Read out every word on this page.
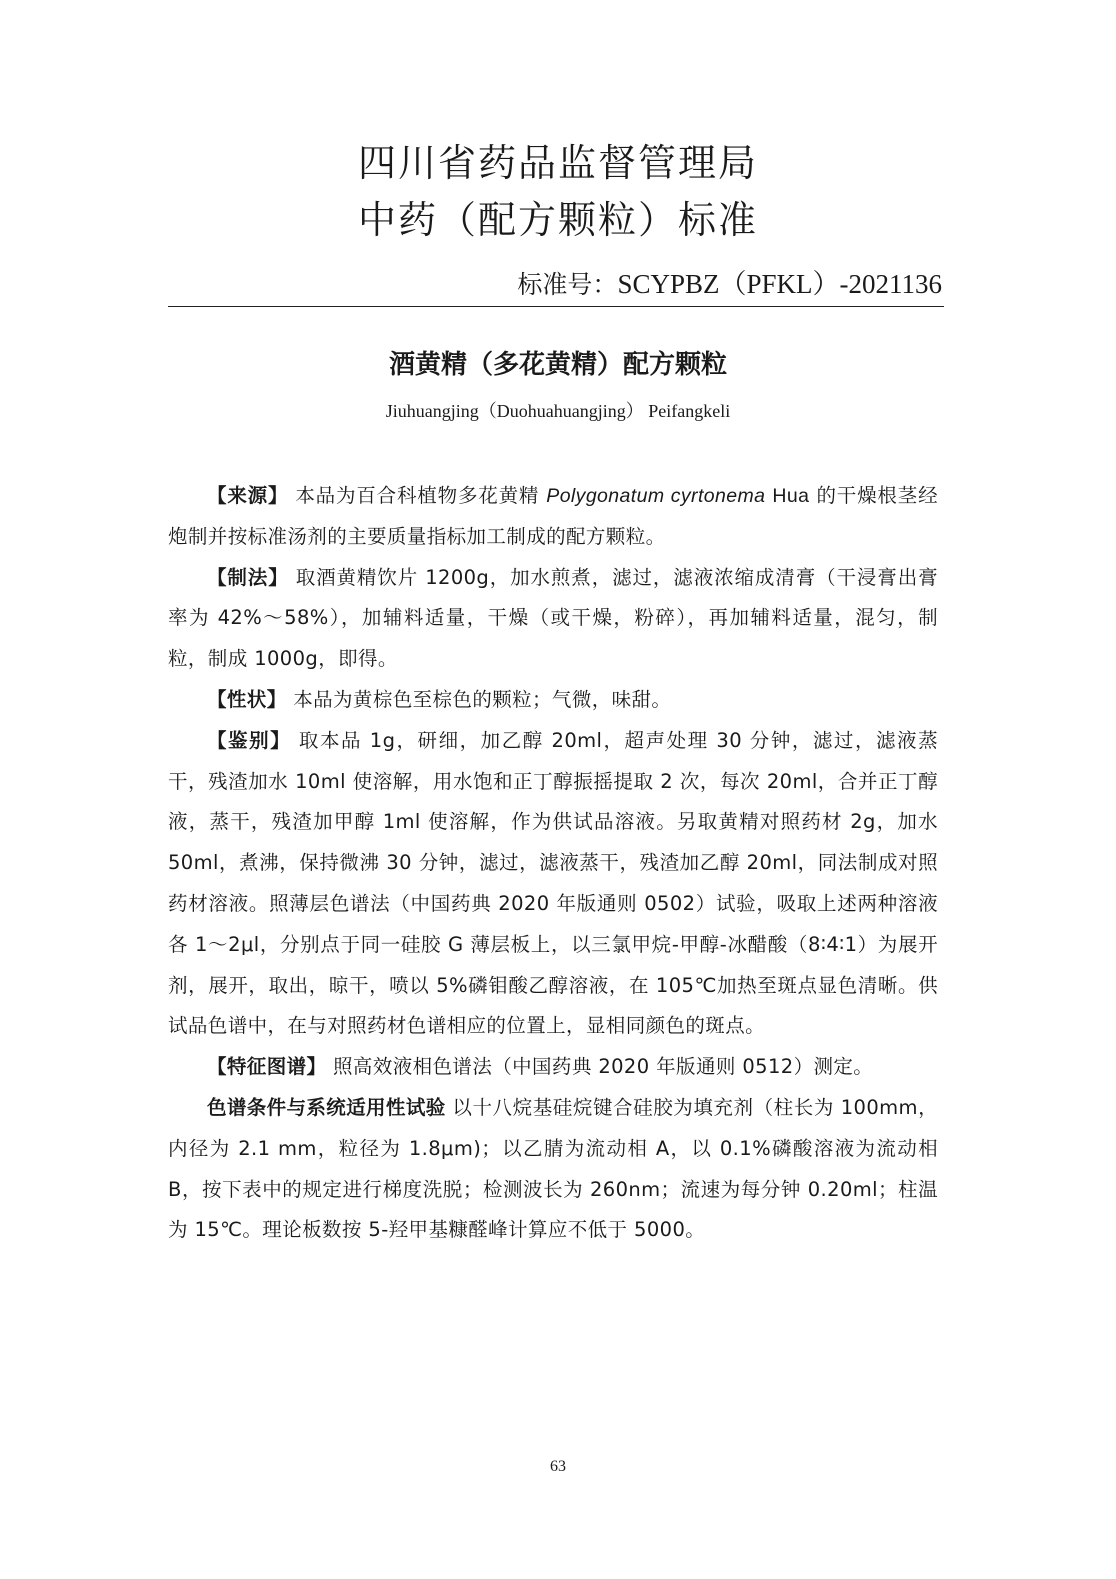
四川省药品监督管理局
中药（配方颗粒）标准
标准号：SCYPBZ（PFKL）-2021136
酒黄精（多花黄精）配方颗粒
Jiuhuangjing（Duohuahuangjing） Peifangkeli

【来源】 本品为百合科植物多花黄精 Polygonatum cyrtonema Hua 的干燥根茎经炮制并按标准汤剂的主要质量指标加工制成的配方颗粒。

【制法】 取酒黄精饮片 1200g，加水煎煮，滤过，滤液浓缩成清膏（干浸膏出膏率为 42%～58%），加辅料适量，干燥（或干燥，粉碎），再加辅料适量，混匀，制粒，制成 1000g，即得。

【性状】 本品为黄棕色至棕色的颗粒；气微，味甜。

【鉴别】 取本品 1g，研细，加乙醇 20ml，超声处理 30 分钟，滤过，滤液蒸干，残渣加水 10ml 使溶解，用水饱和正丁醇振摇提取 2 次，每次 20ml，合并正丁醇液，蒸干，残渣加甲醇 1ml 使溶解，作为供试品溶液。另取黄精对照药材 2g，加水 50ml，煮沸，保持微沸 30 分钟，滤过，滤液蒸干，残渣加乙醇 20ml，同法制成对照药材溶液。照薄层色谱法（中国药典 2020 年版通则 0502）试验，吸取上述两种溶液各 1～2μl，分别点于同一硅胶 G 薄层板上，以三氯甲烷-甲醇-冰醋酸（8∶4∶1）为展开剂，展开，取出，晾干，喷以 5%磷钼酸乙醇溶液，在 105℃加热至斑点显色清晰。供试品色谱中，在与对照药材色谱相应的位置上，显相同颜色的斑点。

【特征图谱】 照高效液相色谱法（中国药典 2020 年版通则 0512）测定。

色谱条件与系统适用性试验 以十八烷基硅烷键合硅胶为填充剂（柱长为 100mm，内径为 2.1 mm，粒径为 1.8μm)；以乙腈为流动相 A，以 0.1%磷酸溶液为流动相 B，按下表中的规定进行梯度洗脱；检测波长为 260nm；流速为每分钟 0.20ml；柱温为 15℃。理论板数按 5-羟甲基糠醛峰计算应不低于 5000。

63
